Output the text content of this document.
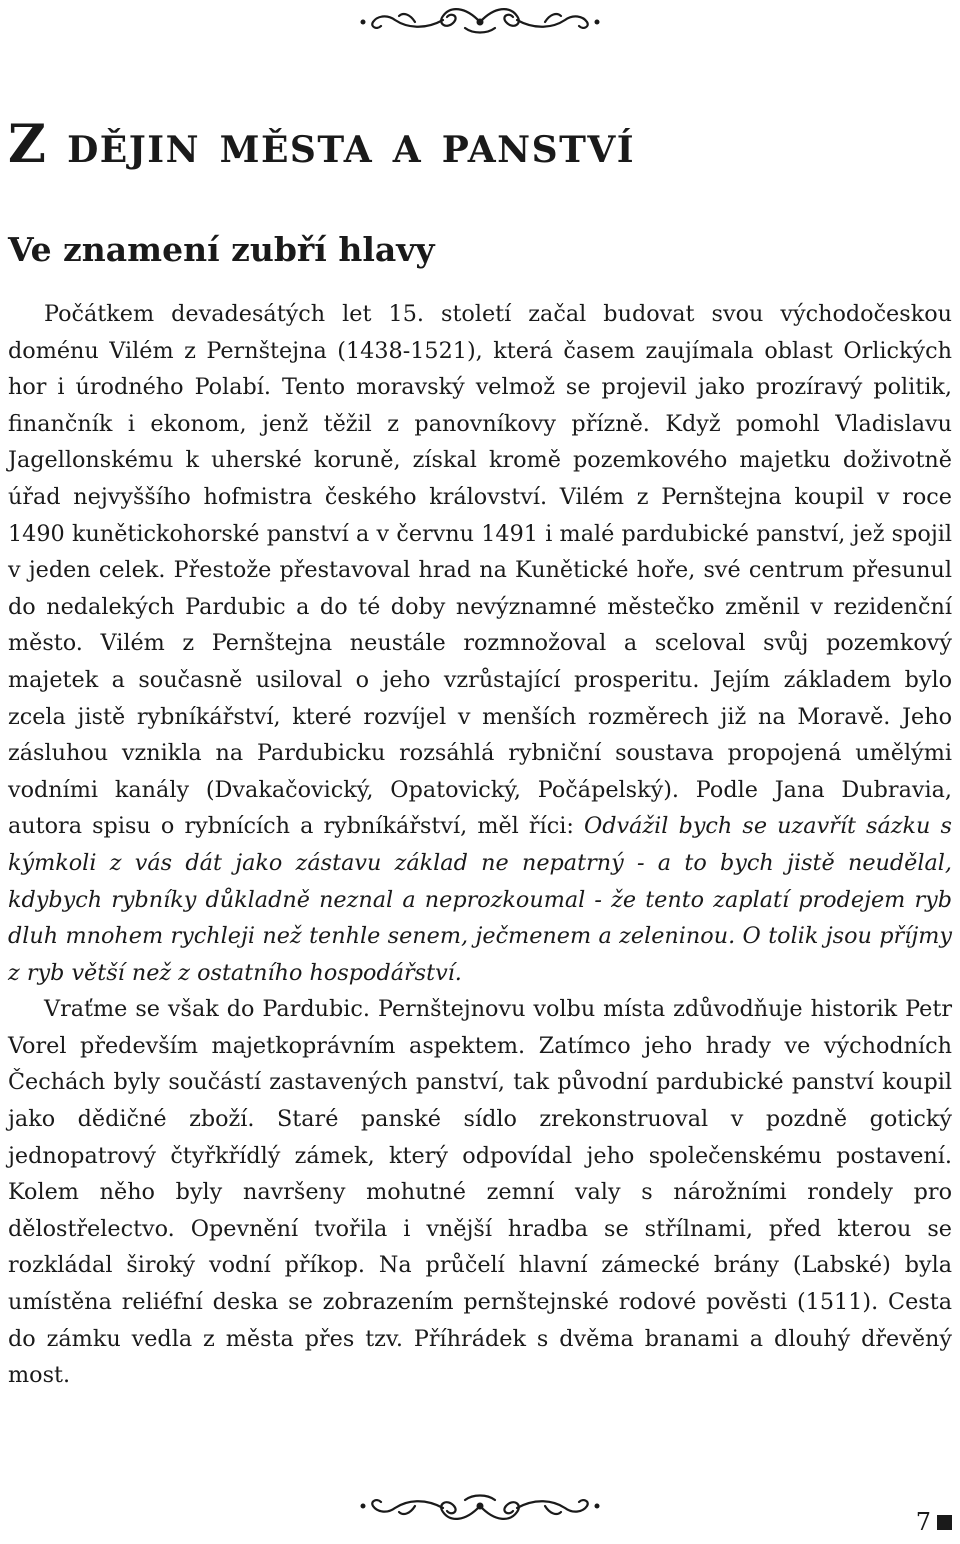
Z dějin města a panství
Ve znamení zubří hlavy

Počátkem devadesátých let 15. století začal budovat svou východočeskou doménu Vilém z Pernštejna (1438-1521), která časem zaujímala oblast Orlických hor i úrodného Polabí. Tento moravský velmož se projevil jako prozíravý politik, finančník i ekonom, jenž těžil z panovníkovy přízně. Když pomohl Vladislavu Jagellonskému k uherské koruně, získal kromě pozemkového majetku doživotně úřad nejvyššího hofmistra českého království. Vilém z Pernštejna koupil v roce 1490 kunětickohorské panství a v červnu 1491 i malé pardubické panství, jež spojil v jeden celek. Přestože přestavoval hrad na Kunětické hoře, své centrum přesunul do nedalekých Pardubic a do té doby nevýznamné městečko změnil v rezidenční město. Vilém z Pernštejna neustále rozmnožoval a sceloval svůj pozemkový majetek a současně usiloval o jeho vzrůstající prosperitu. Jejím základem bylo zcela jistě rybníkářství, které rozvíjel v menších rozměrech již na Moravě. Jeho zásluhou vznikla na Pardubicku rozsáhlá rybniční soustava propojená umělými vodními kanály (Dvakačovický, Opatovický, Počápelský). Podle Jana Dubravia, autora spisu o rybnících a rybníkářství, měl říci: Odvážil bych se uzavřít sázku s kýmkoli z vás dát jako zástavu základ ne nepatrný - a to bych jistě neudělal, kdybych rybníky důkladně neznal a neprozkoumal - že tento zaplatí prodejem ryb dluh mnohem rychleji než tenhle senem, ječmenem a zeleninou. O tolik jsou příjmy z ryb větší než z ostatního hospodářství.

Vraťme se však do Pardubic. Pernštejnovu volbu místa zdůvodňuje historik Petr Vorel především majetkoprávním aspektem. Zatímco jeho hrady ve východních Čechách byly součástí zastavených panství, tak původní pardubické panství koupil jako dědičné zboží. Staré panské sídlo zrekonstruoval v pozdně gotický jednopatrový čtyřkřídlý zámek, který odpovídal jeho společenskému postavení. Kolem něho byly navršeny mohutné zemní valy s nárožními rondely pro dělostřelectvo. Opevnění tvořila i vnější hradba se střílnami, před kterou se rozkládal široký vodní příkop. Na průčelí hlavní zámecké brány (Labské) byla umístěna reliéfní deska se zobrazením pernštejnské rodové pověsti (1511). Cesta do zámku vedla z města přes tzv. Příhrádek s dvěma branami a dlouhý dřevěný most.

7
